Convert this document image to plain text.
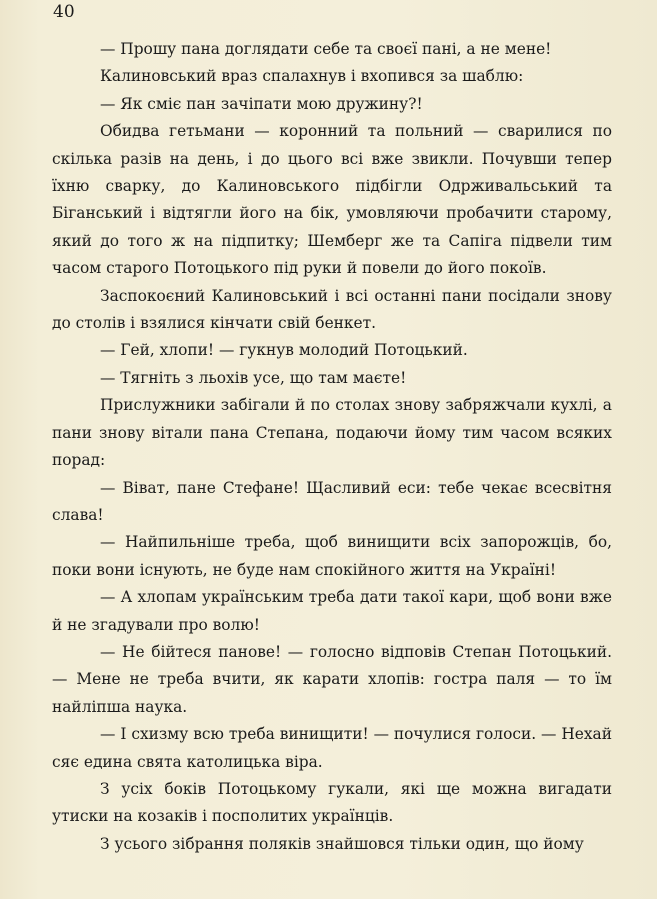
40

— Прошу пана доглядати себе та своєї пані, а не мене!

Калиновський враз спалахнув і вхопився за шаблю:

— Як сміє пан зачіпати мою дружину?!

Обидва гетьмани — коронний та польний — сварилися по скілька разів на день, і до цього всі вже звикли. Почувши тепер їхню сварку, до Калиновського підбігли Одрживальський та Біганський і відтягли його на бік, умовляючи пробачити старому, який до того ж на підпитку; Шемберг же та Сапіга підвели тим часом старого Потоцького під руки й повели до його покоїв.

Заспокоєний Калиновський і всі останні пани посідали знову до столів і взялися кінчати свій бенкет.

— Гей, хлопи! — гукнув молодий Потоцький.

— Тягніть з льохів усе, що там маєте!

Прислужники забігали й по столах знову забряжчали кухлі, а пани знову вітали пана Степана, подаючи йому тим часом всяких порад:

— Віват, пане Стефане! Щасливий еси: тебе чекає всесвітня слава!

— Найпильніше треба, щоб винищити всіх запорожців, бо, поки вони існують, не буде нам спокійного життя на Україні!

— А хлопам українським треба дати такої кари, щоб вони вже й не згадували про волю!

— Не бійтеся панове! — голосно відповів Степан Потоцький. — Мене не треба вчити, як карати хлопів: гостра паля — то їм найліпша наука.

— І схизму всю треба винищити! — почулися голоси. — Нехай сяє едина свята католицька віра.

З усіх боків Потоцькому гукали, які ще можна вигадати утиски на козаків і посполитих українців.

З усього зібрання поляків знайшовся тільки один, що йому
